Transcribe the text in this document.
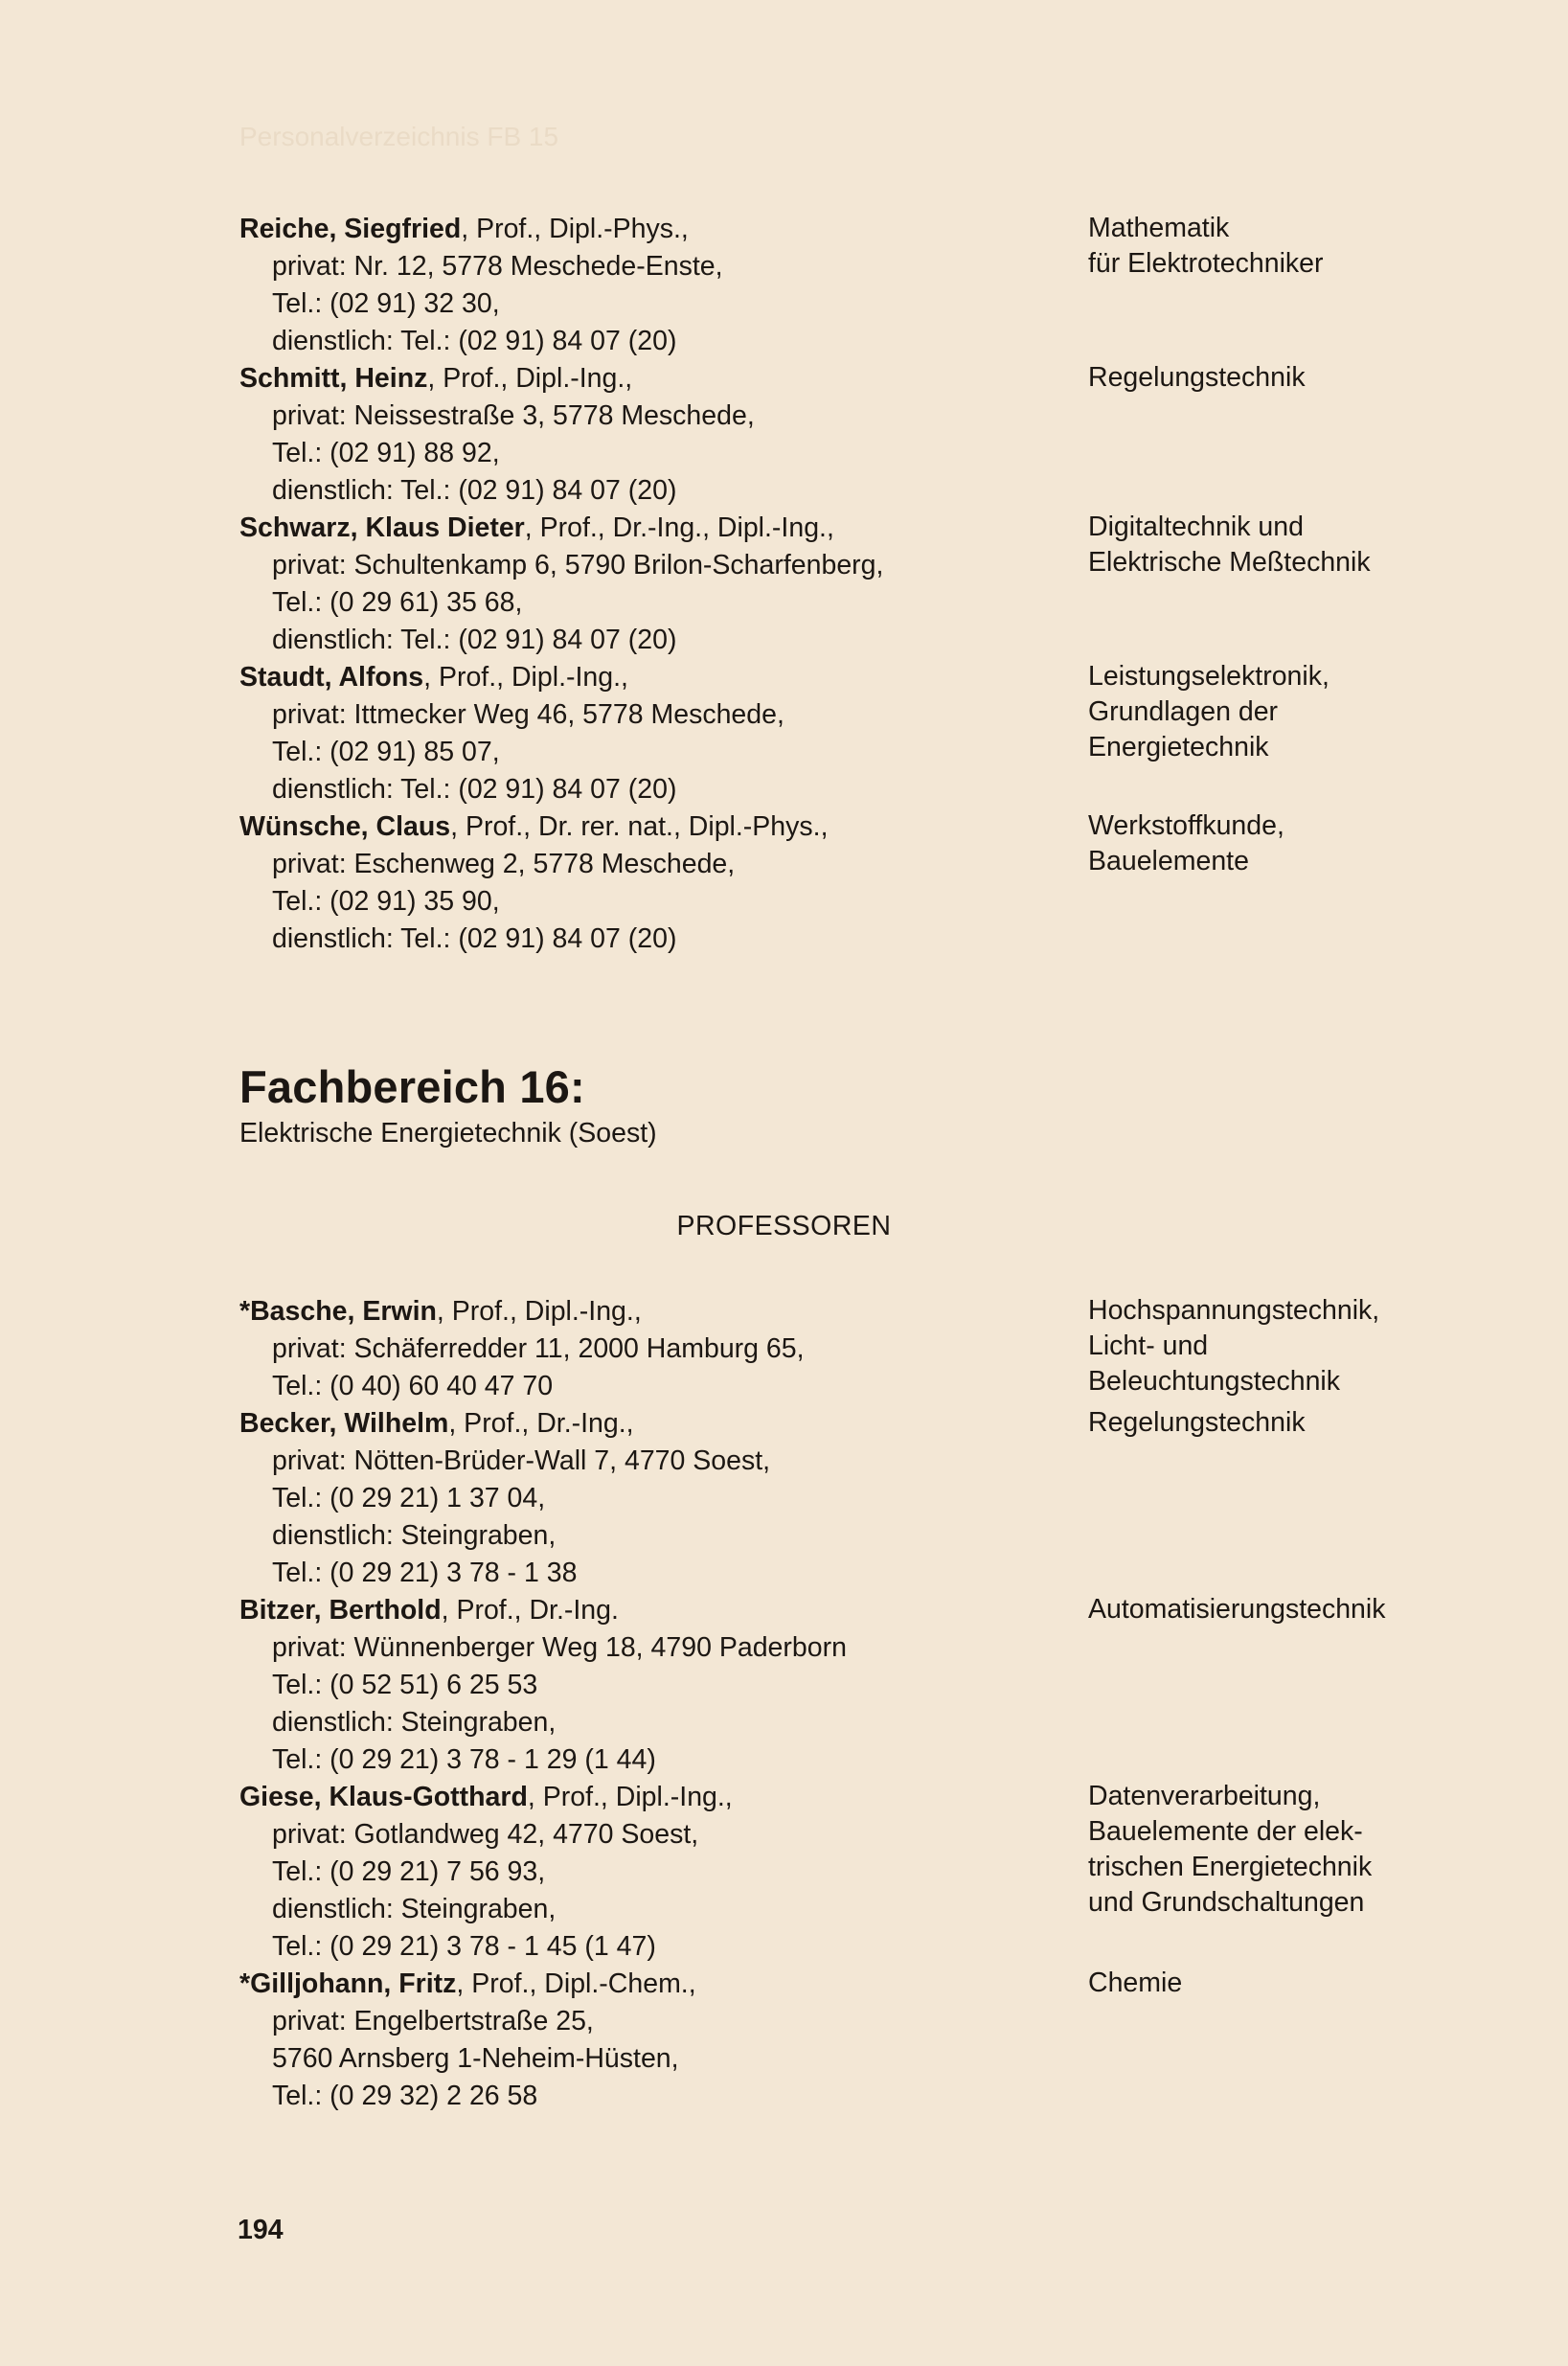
Personalverzeichnis FB 15
Reiche, Siegfried, Prof., Dipl.-Phys.,
privat: Nr. 12, 5778 Meschede-Enste,
Tel.: (02 91) 32 30,
dienstlich: Tel.: (02 91) 84 07 (20)
Mathematik
für Elektrotechniker
Schmitt, Heinz, Prof., Dipl.-Ing.,
privat: Neissestraße 3, 5778 Meschede,
Tel.: (02 91) 88 92,
dienstlich: Tel.: (02 91) 84 07 (20)
Regelungstechnik
Schwarz, Klaus Dieter, Prof., Dr.-Ing., Dipl.-Ing.,
privat: Schultenkamp 6, 5790 Brilon-Scharfenberg,
Tel.: (0 29 61) 35 68,
dienstlich: Tel.: (02 91) 84 07 (20)
Digitaltechnik und
Elektrische Meßtechnik
Staudt, Alfons, Prof., Dipl.-Ing.,
privat: Ittmecker Weg 46, 5778 Meschede,
Tel.: (02 91) 85 07,
dienstlich: Tel.: (02 91) 84 07 (20)
Leistungselektronik,
Grundlagen der
Energietechnik
Wünsche, Claus, Prof., Dr. rer. nat., Dipl.-Phys.,
privat: Eschenweg 2, 5778 Meschede,
Tel.: (02 91) 35 90,
dienstlich: Tel.: (02 91) 84 07 (20)
Werkstoffkunde,
Bauelemente
Fachbereich 16:
Elektrische Energietechnik (Soest)
PROFESSOREN
*Basche, Erwin, Prof., Dipl.-Ing.,
privat: Schäferredder 11, 2000 Hamburg 65,
Tel.: (0 40) 60 40 47 70
Hochspannungstechnik,
Licht- und
Beleuchtungstechnik
Becker, Wilhelm, Prof., Dr.-Ing.,
privat: Nötten-Brüder-Wall 7, 4770 Soest,
Tel.: (0 29 21) 1 37 04,
dienstlich: Steingraben,
Tel.: (0 29 21) 3 78 - 1 38
Regelungstechnik
Bitzer, Berthold, Prof., Dr.-Ing.
privat: Wünnenberger Weg 18, 4790 Paderborn
Tel.: (0 52 51) 6 25 53
dienstlich: Steingraben,
Tel.: (0 29 21) 3 78 - 1 29 (1 44)
Automatisierungstechnik
Giese, Klaus-Gotthard, Prof., Dipl.-Ing.,
privat: Gotlandweg 42, 4770 Soest,
Tel.: (0 29 21) 7 56 93,
dienstlich: Steingraben,
Tel.: (0 29 21) 3 78 - 1 45 (1 47)
Datenverarbeitung,
Bauelemente der elek-
trischen Energietechnik
und Grundschaltungen
*Gilljohann, Fritz, Prof., Dipl.-Chem.,
privat: Engelbertstraße 25,
5760 Arnsberg 1-Neheim-Hüsten,
Tel.: (0 29 32) 2 26 58
Chemie
194
